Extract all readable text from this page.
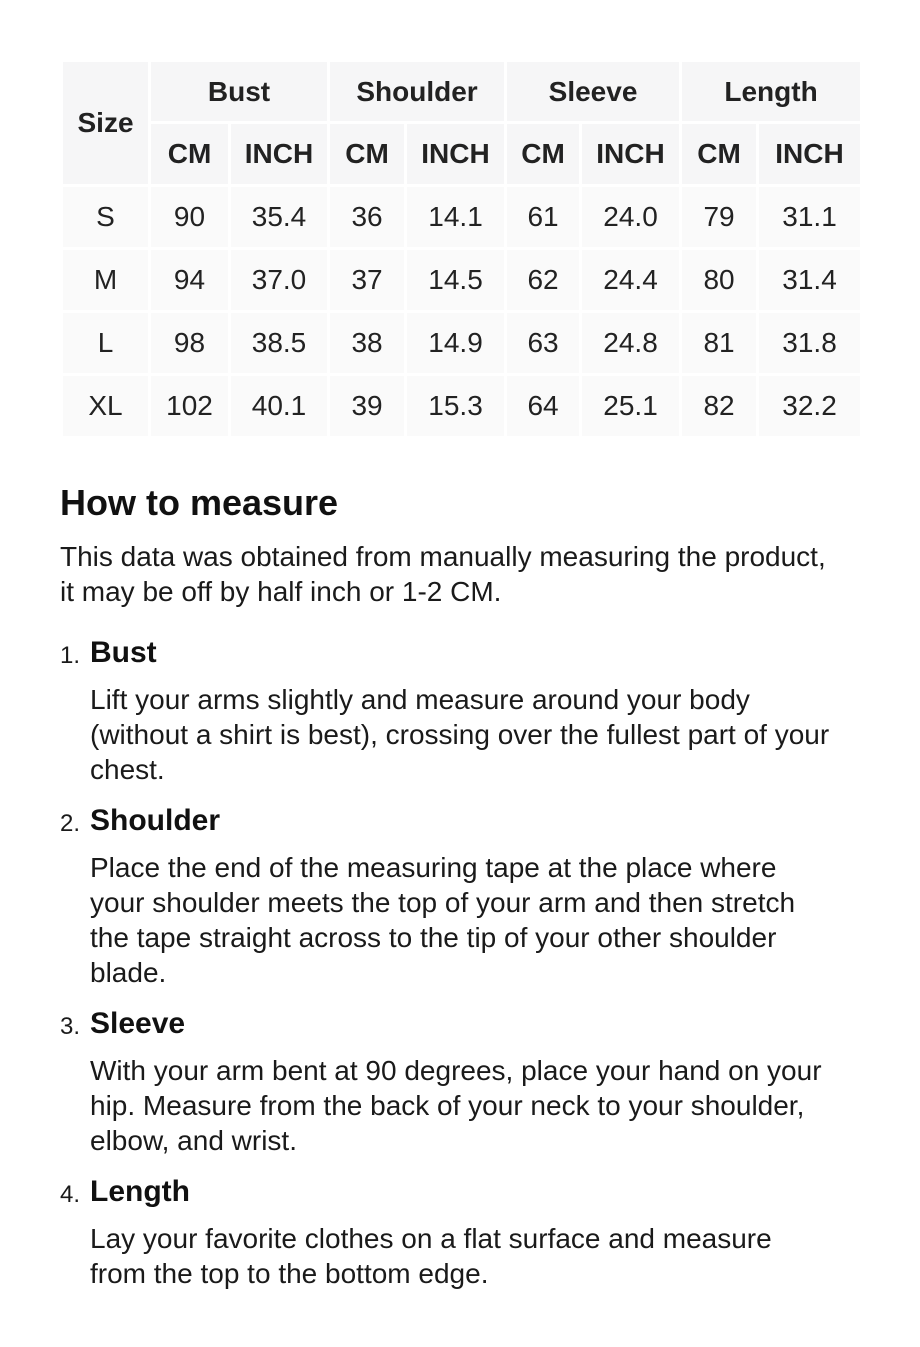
Size	Bust		Shoulder		Sleeve		Length	
	CM	INCH	CM	INCH	CM	INCH	CM	INCH
S	90	35.4	36	14.1	61	24.0	79	31.1
M	94	37.0	37	14.5	62	24.4	80	31.4
L	98	38.5	38	14.9	63	24.8	81	31.8
XL	102	40.1	39	15.3	64	25.1	82	32.2
How to measure
This data was obtained from manually measuring the product,
it may be off by half inch or 1-2 CM.
1. Bust
Lift your arms slightly and measure around your body
(without a shirt is best), crossing over the fullest part of your
chest.
2. Shoulder
Place the end of the measuring tape at the place where
your shoulder meets the top of your arm and then stretch
the tape straight across to the tip of your other shoulder
blade.
3. Sleeve
With your arm bent at 90 degrees, place your hand on your
hip. Measure from the back of your neck to your shoulder,
elbow, and wrist.
4. Length
Lay your favorite clothes on a flat surface and measure
from the top to the bottom edge.
